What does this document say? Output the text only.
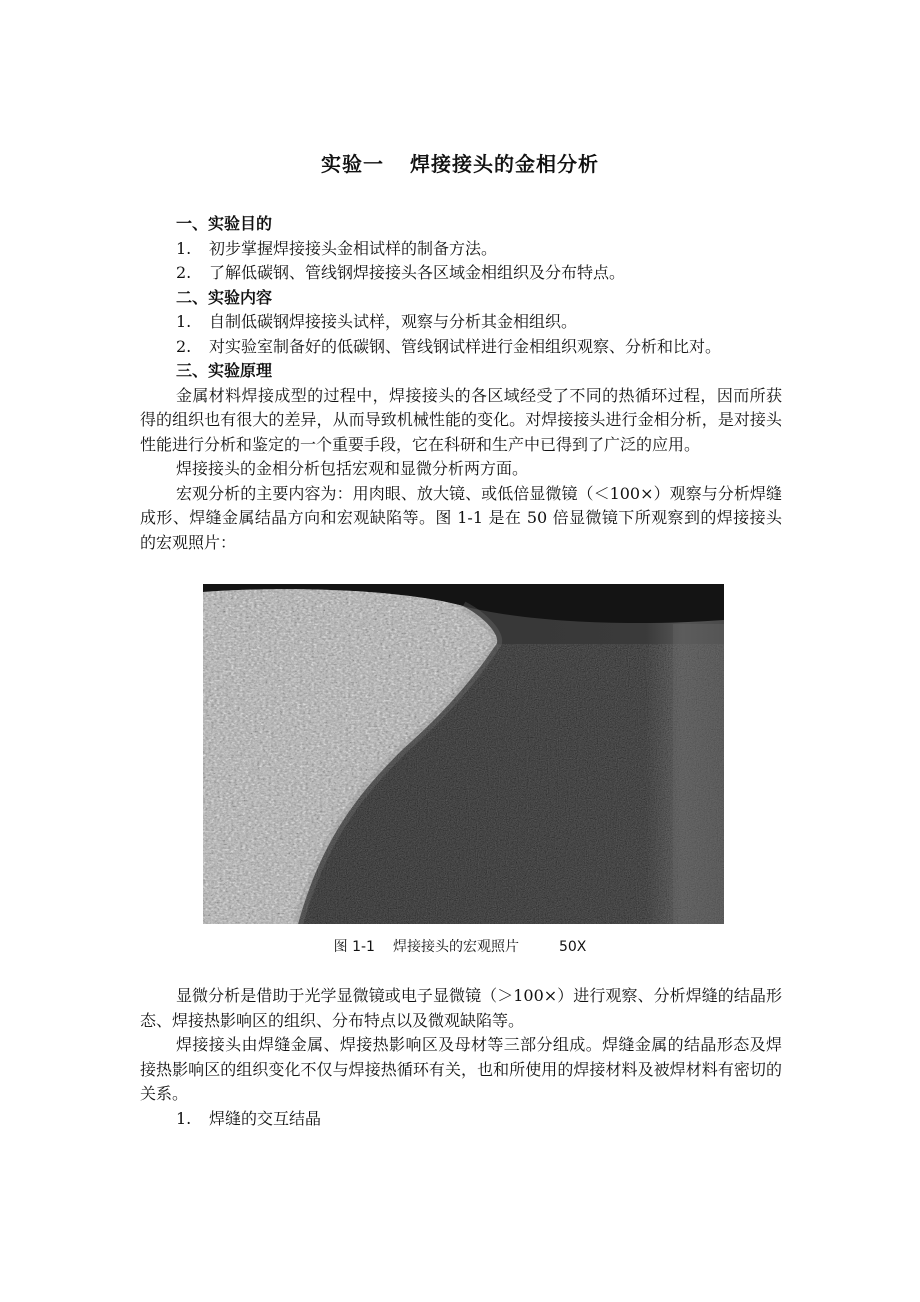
实验一 焊接接头的金相分析
一、实验目的
1. 初步掌握焊接接头金相试样的制备方法。
2. 了解低碳钢、管线钢焊接接头各区域金相组织及分布特点。
二、实验内容
1. 自制低碳钢焊接接头试样，观察与分析其金相组织。
2. 对实验室制备好的低碳钢、管线钢试样进行金相组织观察、分析和比对。
三、实验原理
金属材料焊接成型的过程中，焊接接头的各区域经受了不同的热循环过程，因而所获得的组织也有很大的差异，从而导致机械性能的变化。对焊接接头进行金相分析，是对接头性能进行分析和鉴定的一个重要手段，它在科研和生产中已得到了广泛的应用。
焊接接头的金相分析包括宏观和显微分析两方面。
宏观分析的主要内容为：用肉眼、放大镜、或低倍显微镜（＜100×）观察与分析焊缝成形、焊缝金属结晶方向和宏观缺陷等。图 1-1 是在 50 倍显微镜下所观察到的焊接接头的宏观照片：
图 1-1 焊接接头的宏观照片	50X
显微分析是借助于光学显微镜或电子显微镜（＞100×）进行观察、分析焊缝的结晶形态、焊接热影响区的组织、分布特点以及微观缺陷等。
焊接接头由焊缝金属、焊接热影响区及母材等三部分组成。焊缝金属的结晶形态及焊接热影响区的组织变化不仅与焊接热循环有关，也和所使用的焊接材料及被焊材料有密切的关系。
1. 焊缝的交互结晶
